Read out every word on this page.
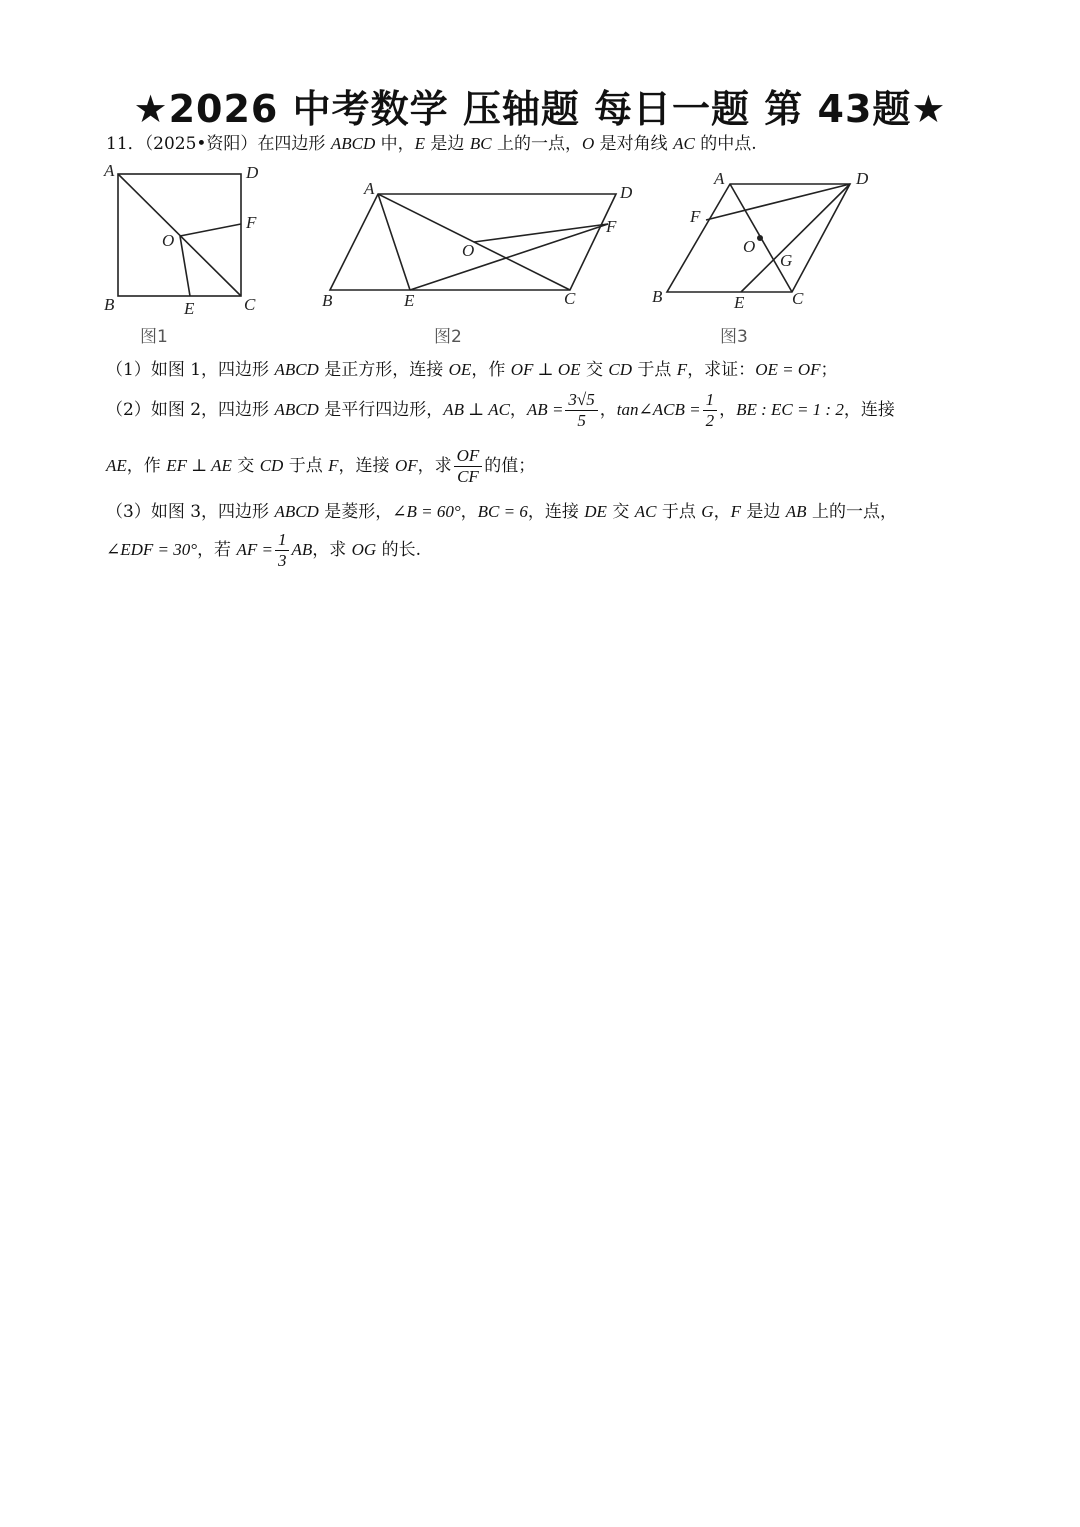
★2026 中考数学 压轴题 每日一题 第 43题★
11．（2025•资阳）在四边形 ABCD 中，E 是边 BC 上的一点，O 是对角线 AC 的中点.
A	D
F
O
B	E	C
图1
A	D
F
O
B	E	C
图2
A	D
F
O
G
B	E	C
图3
（1）如图 1，四边形 ABCD 是正方形，连接 OE，作 OF ⊥ OE 交 CD 于点 F，求证：OE = OF；
（2）如图 2，四边形 ABCD 是平行四边形，AB ⊥ AC，AB = $\frac{3√5}{5}$ ，tan∠ACB = $\frac{1}{2}$ ，BE : EC = 1 : 2，连接
AE，作 EF ⊥ AE 交 CD 于点 F，连接 OF，求 $\frac{OF}{CF}$ 的值；
（3）如图 3，四边形 ABCD 是菱形，∠B = 60°，BC = 6，连接 DE 交 AC 于点 G，F 是边 AB 上的一点，
∠EDF = 30°，若 AF = $\frac{1}{3}$ AB，求 OG 的长.
